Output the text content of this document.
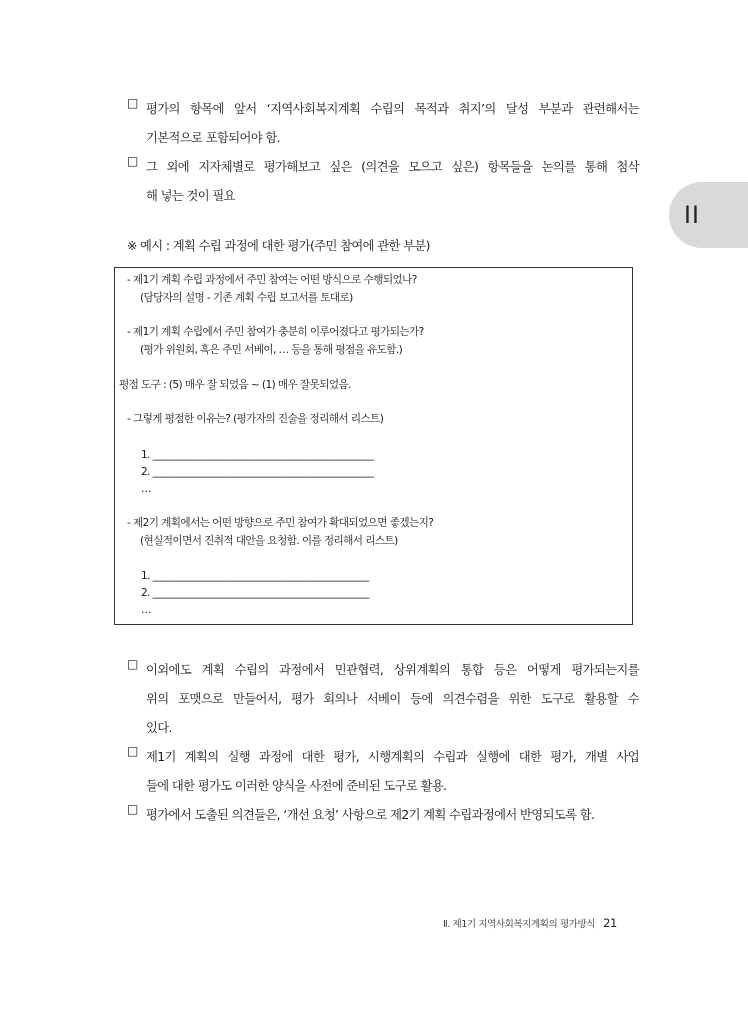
□ 평가의 항목에 앞서 ‘지역사회복지계획 수립의 목적과 취지’의 달성 부분과 관련해서는
기본적으로 포함되어야 함.
□ 그 외에 지자체별로 평가해보고 싶은 (의견을 모으고 싶은) 항목들을 논의를 통해 첨삭
해 넣는 것이 필요
II
※ 예시 : 계획 수립 과정에 대한 평가(주민 참여에 관한 부분)
- 제1기 계획 수립 과정에서 주민 참여는 어떤 방식으로 수행되었나?
(담당자의 설명 - 기존 계획 수립 보고서를 토대로)
- 제1기 계획 수립에서 주민 참여가 충분히 이루어졌다고 평가되는가?
(평가 위원회, 혹은 주민 서베이, … 등을 통해 평점을 유도함.)
평점 도구 : (5) 매우 잘 되었음 ~ (1) 매우 잘못되었음.
- 그렇게 평점한 이유는? (평가자의 진술을 정리해서 리스트)
1. _______________________________________________
2. _______________________________________________
…
- 제2기 계획에서는 어떤 방향으로 주민 참여가 확대되었으면 좋겠는지?
(현실적이면서 진취적 대안을 요청함. 이를 정리해서 리스트)
1. ______________________________________________
2. ______________________________________________
…
□ 이외에도 계획 수립의 과정에서 민관협력, 상위계획의 통합 등은 어떻게 평가되는지를
위의 포맷으로 만들어서, 평가 회의나 서베이 등에 의견수렴을 위한 도구로 활용할 수
있다.
□ 제1기 계획의 실행 과정에 대한 평가, 시행계획의 수립과 실행에 대한 평가, 개별 사업
들에 대한 평가도 이러한 양식을 사전에 준비된 도구로 활용.
□ 평가에서 도출된 의견들은, ‘개선 요청’ 사항으로 제2기 계획 수립과정에서 반영되도록 함.
Ⅱ. 제1기 지역사회복지계획의 평가방식 21
